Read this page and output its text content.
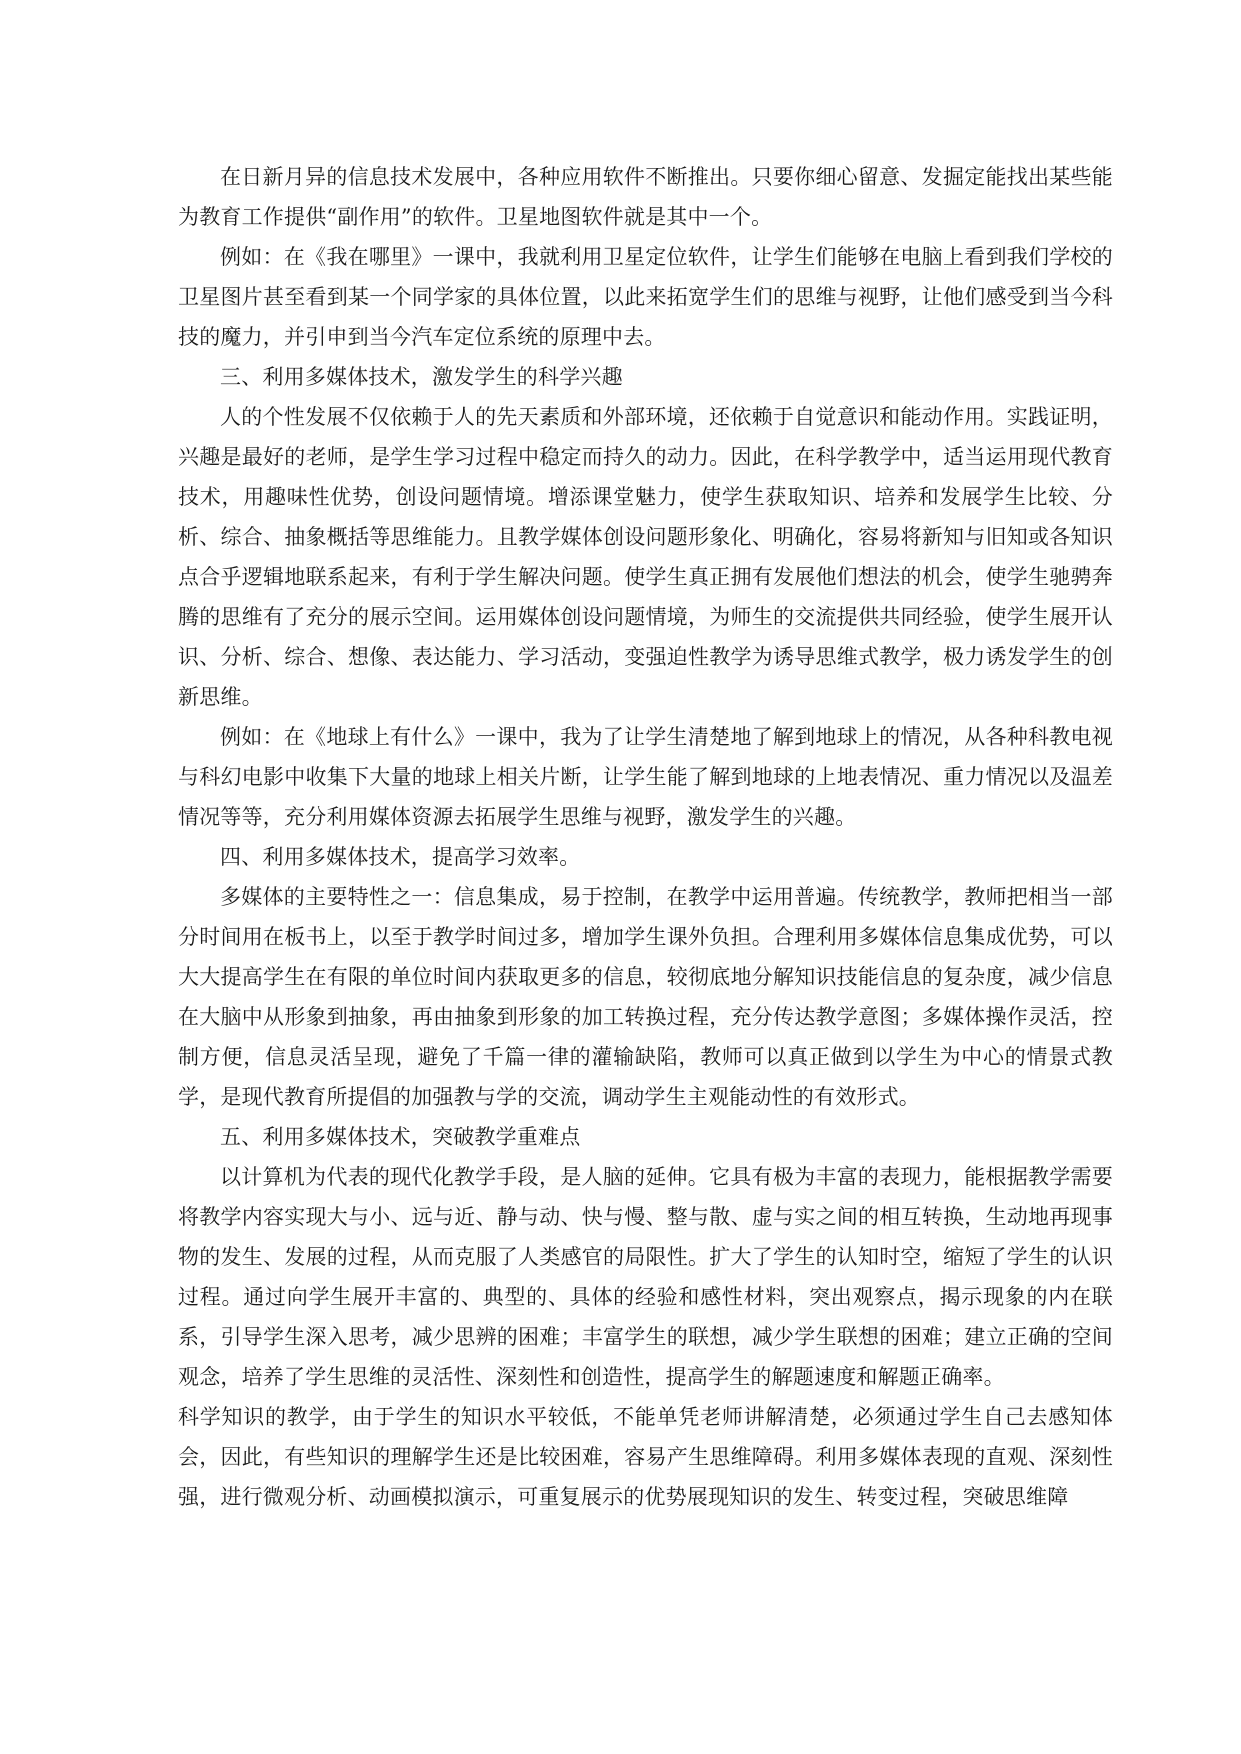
在日新月异的信息技术发展中，各种应用软件不断推出。只要你细心留意、发掘定能找出某些能为教育工作提供“副作用”的软件。卫星地图软件就是其中一个。

例如：在《我在哪里》一课中，我就利用卫星定位软件，让学生们能够在电脑上看到我们学校的卫星图片甚至看到某一个同学家的具体位置，以此来拓宽学生们的思维与视野，让他们感受到当今科技的魔力，并引申到当今汽车定位系统的原理中去。

三、利用多媒体技术，激发学生的科学兴趣

人的个性发展不仅依赖于人的先天素质和外部环境，还依赖于自觉意识和能动作用。实践证明，兴趣是最好的老师，是学生学习过程中稳定而持久的动力。因此，在科学教学中，适当运用现代教育技术，用趣味性优势，创设问题情境。增添课堂魅力，使学生获取知识、培养和发展学生比较、分析、综合、抽象概括等思维能力。且教学媒体创设问题形象化、明确化，容易将新知与旧知或各知识点合乎逻辑地联系起来，有利于学生解决问题。使学生真正拥有发展他们想法的机会，使学生驰骋奔腾的思维有了充分的展示空间。运用媒体创设问题情境，为师生的交流提供共同经验，使学生展开认识、分析、综合、想像、表达能力、学习活动，变强迫性教学为诱导思维式教学，极力诱发学生的创新思维。

例如：在《地球上有什么》一课中，我为了让学生清楚地了解到地球上的情况，从各种科教电视与科幻电影中收集下大量的地球上相关片断，让学生能了解到地球的上地表情况、重力情况以及温差情况等等，充分利用媒体资源去拓展学生思维与视野，激发学生的兴趣。

四、利用多媒体技术，提高学习效率。

多媒体的主要特性之一：信息集成，易于控制，在教学中运用普遍。传统教学，教师把相当一部分时间用在板书上，以至于教学时间过多，增加学生课外负担。合理利用多媒体信息集成优势，可以大大提高学生在有限的单位时间内获取更多的信息，较彻底地分解知识技能信息的复杂度，减少信息在大脑中从形象到抽象，再由抽象到形象的加工转换过程，充分传达教学意图；多媒体操作灵活，控制方便，信息灵活呈现，避免了千篇一律的灌输缺陷，教师可以真正做到以学生为中心的情景式教学，是现代教育所提倡的加强教与学的交流，调动学生主观能动性的有效形式。

五、利用多媒体技术，突破教学重难点

以计算机为代表的现代化教学手段，是人脑的延伸。它具有极为丰富的表现力，能根据教学需要将教学内容实现大与小、远与近、静与动、快与慢、整与散、虚与实之间的相互转换，生动地再现事物的发生、发展的过程，从而克服了人类感官的局限性。扩大了学生的认知时空，缩短了学生的认识过程。通过向学生展开丰富的、典型的、具体的经验和感性材料，突出观察点，揭示现象的内在联系，引导学生深入思考，减少思辨的困难；丰富学生的联想，减少学生联想的困难；建立正确的空间观念，培养了学生思维的灵活性、深刻性和创造性，提高学生的解题速度和解题正确率。

科学知识的教学，由于学生的知识水平较低，不能单凭老师讲解清楚，必须通过学生自己去感知体会，因此，有些知识的理解学生还是比较困难，容易产生思维障碍。利用多媒体表现的直观、深刻性强，进行微观分析、动画模拟演示，可重复展示的优势展现知识的发生、转变过程，突破思维障
